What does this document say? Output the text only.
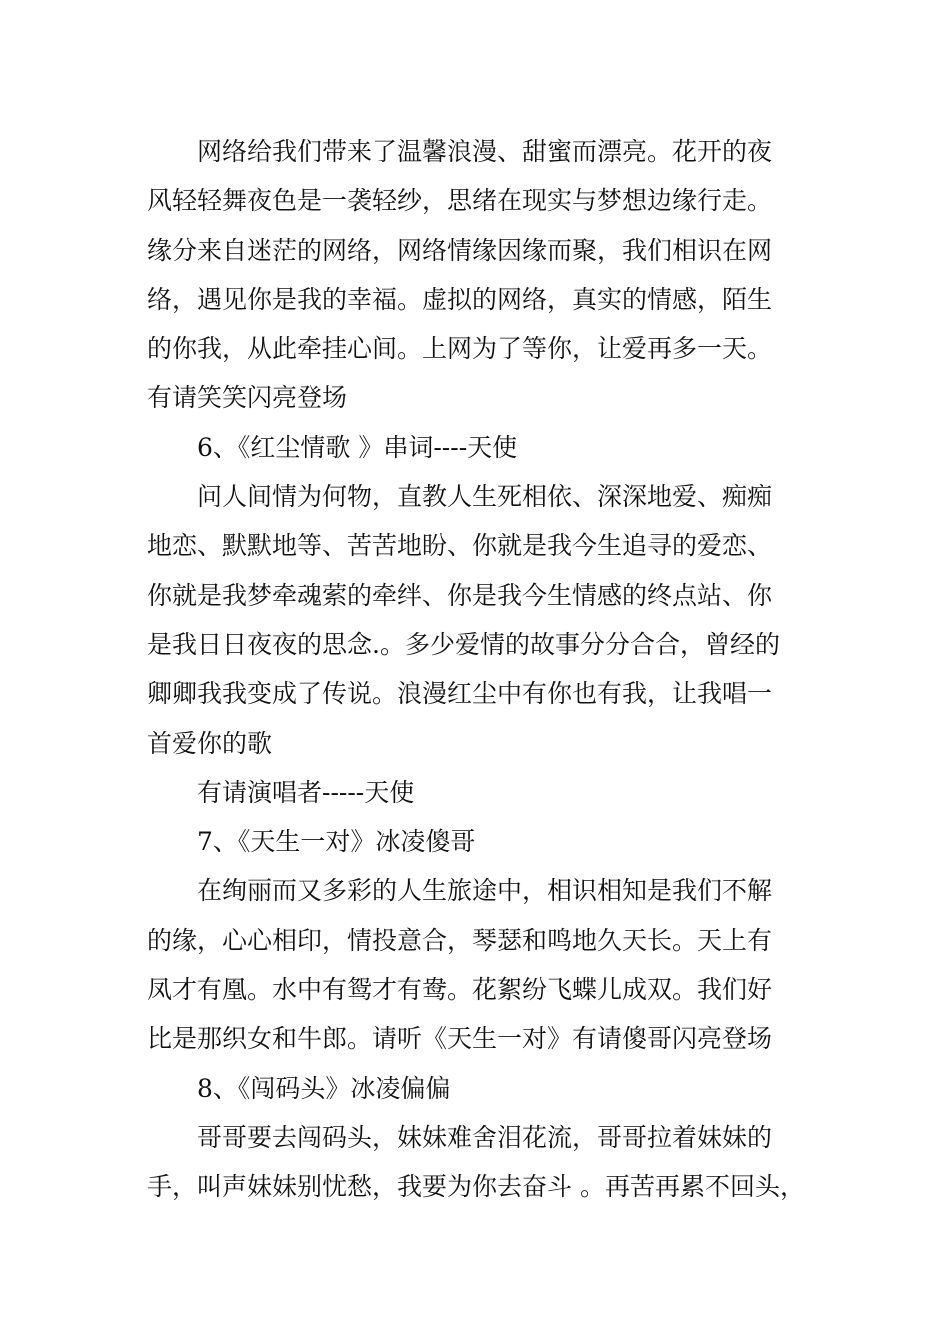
网络给我们带来了温馨浪漫、甜蜜而漂亮。花开的夜
风轻轻舞夜色是一袭轻纱，思绪在现实与梦想边缘行走。
缘分来自迷茫的网络，网络情缘因缘而聚，我们相识在网
络，遇见你是我的幸福。虚拟的网络，真实的情感，陌生
的你我，从此牵挂心间。上网为了等你，让爱再多一天。
有请笑笑闪亮登场
6、《红尘情歌 》串词----天使
问人间情为何物，直教人生死相依、深深地爱、痴痴
地恋、默默地等、苦苦地盼、你就是我今生追寻的爱恋、
你就是我梦牵魂萦的牵绊、你是我今生情感的终点站、你
是我日日夜夜的思念.。多少爱情的故事分分合合，曾经的
卿卿我我变成了传说。浪漫红尘中有你也有我，让我唱一
首爱你的歌
有请演唱者-----天使
7、《天生一对》冰凌傻哥
在绚丽而又多彩的人生旅途中，相识相知是我们不解
的缘，心心相印，情投意合，琴瑟和鸣地久天长。天上有
凤才有凰。水中有鸳才有鸯。花絮纷飞蝶儿成双。我们好
比是那织女和牛郎。请听《天生一对》有请傻哥闪亮登场
8、《闯码头》冰凌偏偏
哥哥要去闯码头，妹妹难舍泪花流，哥哥拉着妹妹的
手，叫声妹妹别忧愁，我要为你去奋斗 。再苦再累不回头，
